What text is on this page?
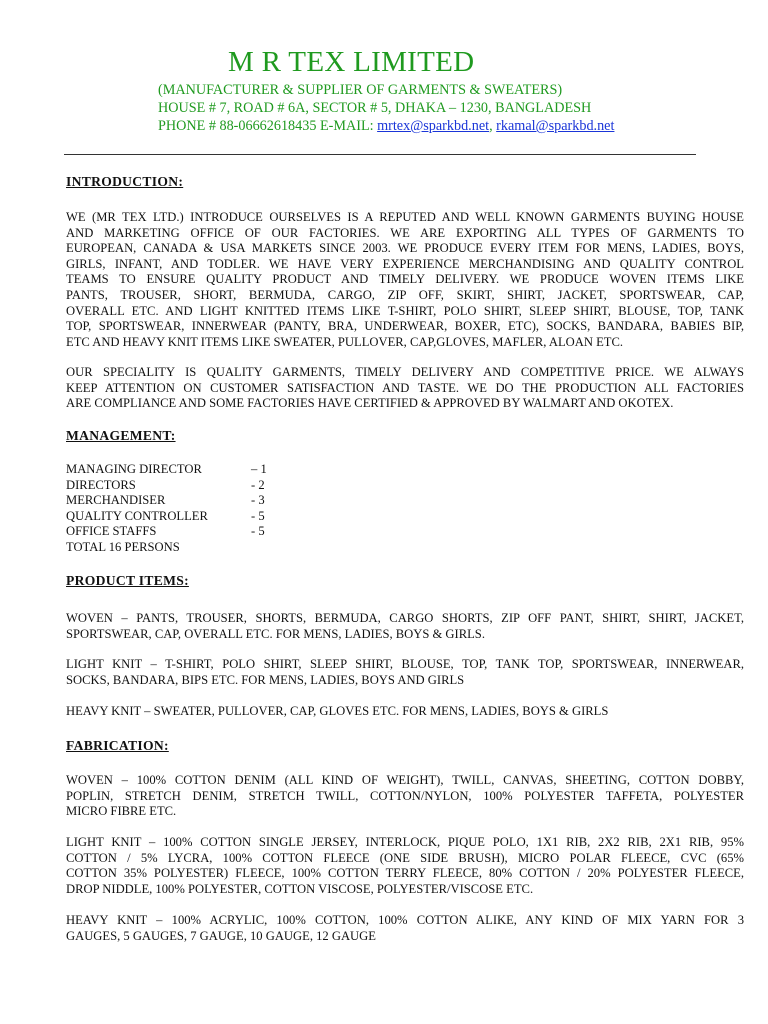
M R TEX LIMITED
(MANUFACTURER & SUPPLIER OF GARMENTS & SWEATERS)
HOUSE # 7, ROAD # 6A, SECTOR # 5, DHAKA – 1230, BANGLADESH
PHONE # 88-06662618435 E-MAIL: mrtex@sparkbd.net, rkamal@sparkbd.net
INTRODUCTION:
WE (MR TEX LTD.) INTRODUCE OURSELVES IS A REPUTED AND WELL KNOWN GARMENTS BUYING HOUSE
AND MARKETING OFFICE OF OUR FACTORIES. WE ARE EXPORTING ALL TYPES OF GARMENTS TO
EUROPEAN, CANADA & USA MARKETS SINCE 2003. WE PRODUCE EVERY ITEM FOR MENS, LADIES, BOYS,
GIRLS, INFANT, AND TODLER. WE HAVE VERY EXPERIENCE MERCHANDISING AND QUALITY CONTROL
TEAMS TO ENSURE QUALITY PRODUCT AND TIMELY DELIVERY. WE PRODUCE WOVEN ITEMS LIKE
PANTS, TROUSER, SHORT, BERMUDA, CARGO, ZIP OFF, SKIRT, SHIRT, JACKET, SPORTSWEAR, CAP,
OVERALL ETC. AND LIGHT KNITTED ITEMS LIKE T-SHIRT, POLO SHIRT, SLEEP SHIRT, BLOUSE, TOP, TANK
TOP, SPORTSWEAR, INNERWEAR (PANTY, BRA, UNDERWEAR, BOXER, ETC), SOCKS, BANDARA, BABIES BIP,
ETC AND HEAVY KNIT ITEMS LIKE SWEATER, PULLOVER, CAP,GLOVES, MAFLER, ALOAN ETC.
OUR SPECIALITY IS QUALITY GARMENTS, TIMELY DELIVERY AND COMPETITIVE PRICE. WE ALWAYS
KEEP ATTENTION ON CUSTOMER SATISFACTION AND TASTE. WE DO THE PRODUCTION ALL FACTORIES
ARE COMPLIANCE AND SOME FACTORIES HAVE CERTIFIED & APPROVED BY WALMART AND OKOTEX.
MANAGEMENT:
MANAGING DIRECTOR	– 1
DIRECTORS	- 2
MERCHANDISER	- 3
QUALITY CONTROLLER	- 5
OFFICE STAFFS	- 5
TOTAL 16 PERSONS
PRODUCT ITEMS:
WOVEN – PANTS, TROUSER, SHORTS, BERMUDA, CARGO SHORTS, ZIP OFF PANT, SHIRT, SHIRT, JACKET,
SPORTSWEAR, CAP, OVERALL ETC. FOR MENS, LADIES, BOYS & GIRLS.
LIGHT KNIT – T-SHIRT, POLO SHIRT, SLEEP SHIRT, BLOUSE, TOP, TANK TOP, SPORTSWEAR, INNERWEAR,
SOCKS, BANDARA, BIPS ETC. FOR MENS, LADIES, BOYS AND GIRLS
HEAVY KNIT – SWEATER, PULLOVER, CAP, GLOVES ETC. FOR MENS, LADIES, BOYS & GIRLS
FABRICATION:
WOVEN – 100% COTTON DENIM (ALL KIND OF WEIGHT), TWILL, CANVAS, SHEETING, COTTON DOBBY,
POPLIN, STRETCH DENIM, STRETCH TWILL, COTTON/NYLON, 100% POLYESTER TAFFETA, POLYESTER
MICRO FIBRE ETC.
LIGHT KNIT – 100% COTTON SINGLE JERSEY, INTERLOCK, PIQUE POLO, 1X1 RIB, 2X2 RIB, 2X1 RIB, 95%
COTTON / 5% LYCRA, 100% COTTON FLEECE (ONE SIDE BRUSH), MICRO POLAR FLEECE, CVC (65%
COTTON 35% POLYESTER) FLEECE, 100% COTTON TERRY FLEECE, 80% COTTON / 20% POLYESTER FLEECE,
DROP NIDDLE, 100% POLYESTER, COTTON VISCOSE, POLYESTER/VISCOSE ETC.
HEAVY KNIT – 100% ACRYLIC, 100% COTTON, 100% COTTON ALIKE, ANY KIND OF MIX YARN FOR 3
GAUGES, 5 GAUGES, 7 GAUGE, 10 GAUGE, 12 GAUGE
